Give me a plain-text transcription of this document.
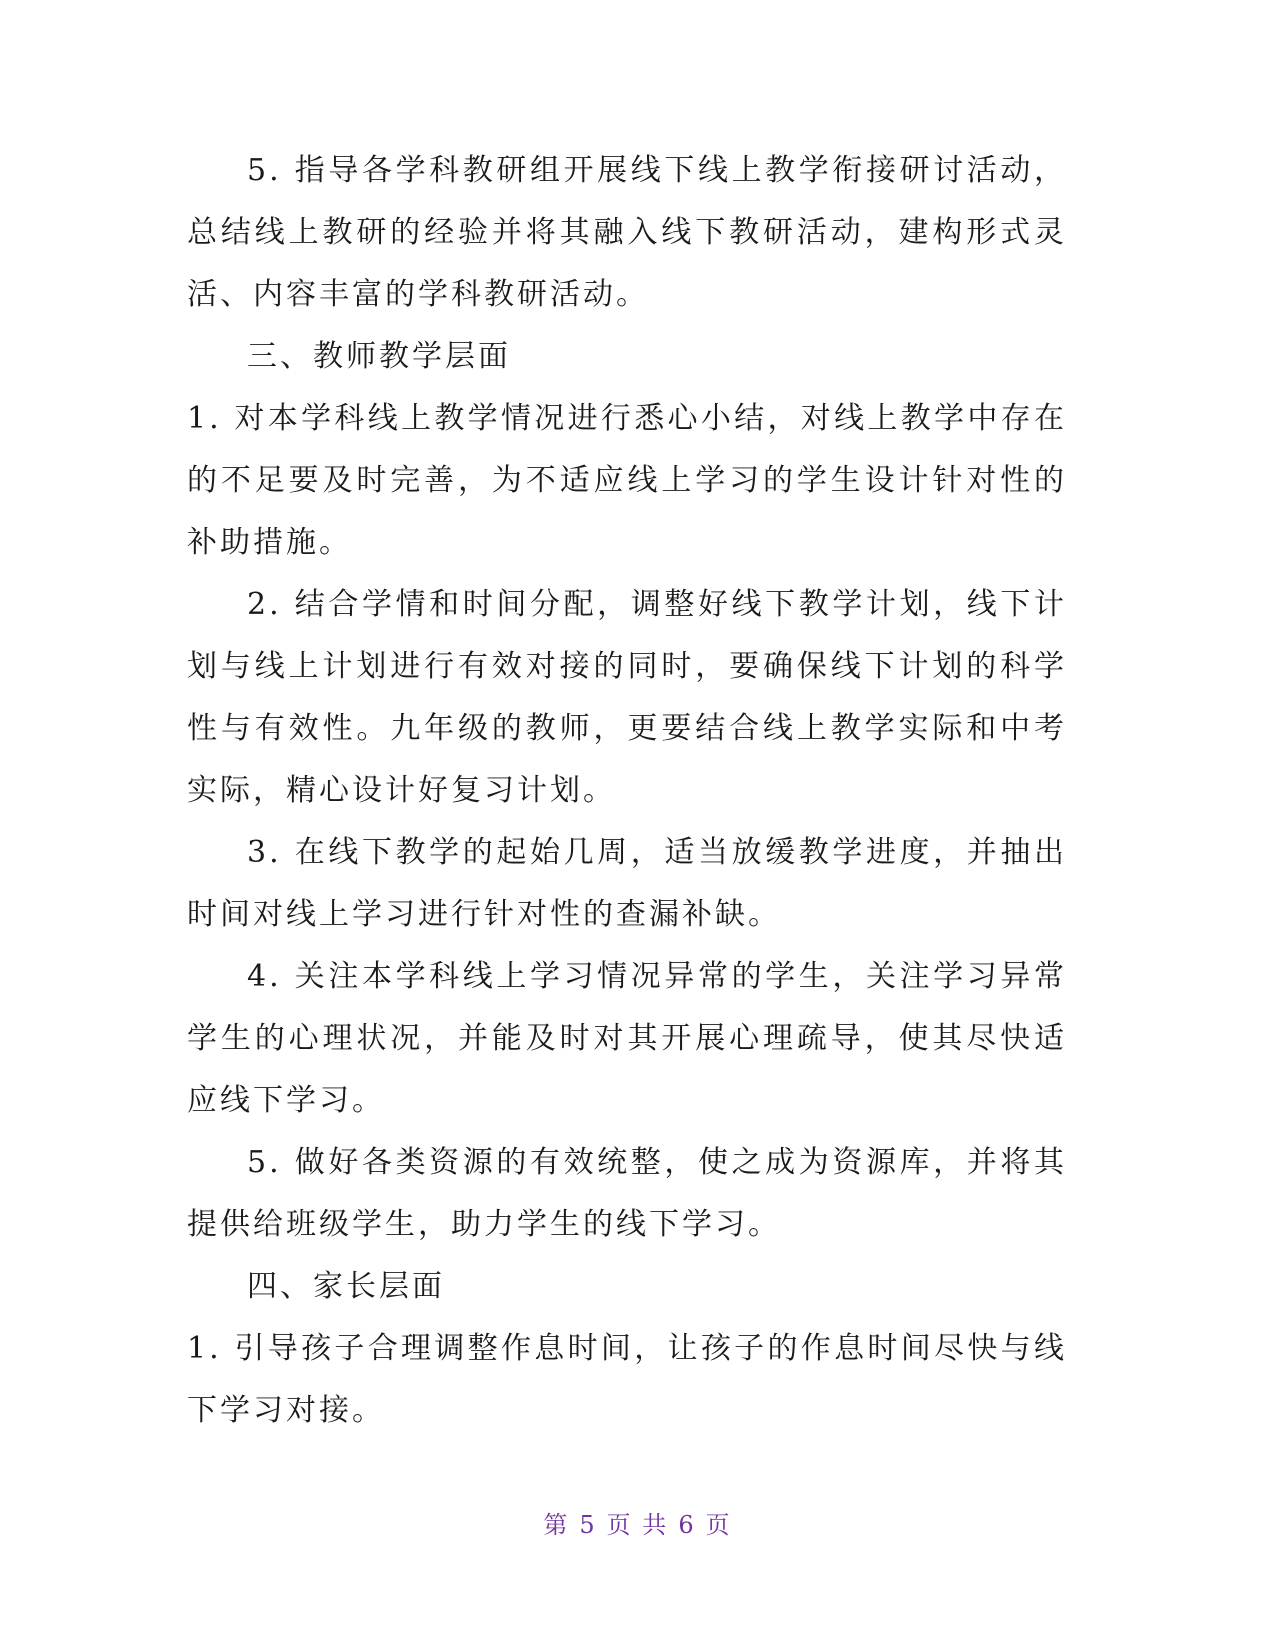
5. 指导各学科教研组开展线下线上教学衔接研讨活动，总结线上教研的经验并将其融入线下教研活动，建构形式灵活、内容丰富的学科教研活动。

三、教师教学层面

1. 对本学科线上教学情况进行悉心小结，对线上教学中存在的不足要及时完善，为不适应线上学习的学生设计针对性的补助措施。

2. 结合学情和时间分配，调整好线下教学计划，线下计划与线上计划进行有效对接的同时，要确保线下计划的科学性与有效性。九年级的教师，更要结合线上教学实际和中考实际，精心设计好复习计划。

3. 在线下教学的起始几周，适当放缓教学进度，并抽出时间对线上学习进行针对性的查漏补缺。

4. 关注本学科线上学习情况异常的学生，关注学习异常学生的心理状况，并能及时对其开展心理疏导，使其尽快适应线下学习。

5. 做好各类资源的有效统整，使之成为资源库，并将其提供给班级学生，助力学生的线下学习。

四、家长层面

1. 引导孩子合理调整作息时间，让孩子的作息时间尽快与线下学习对接。

第 5 页 共 6 页
